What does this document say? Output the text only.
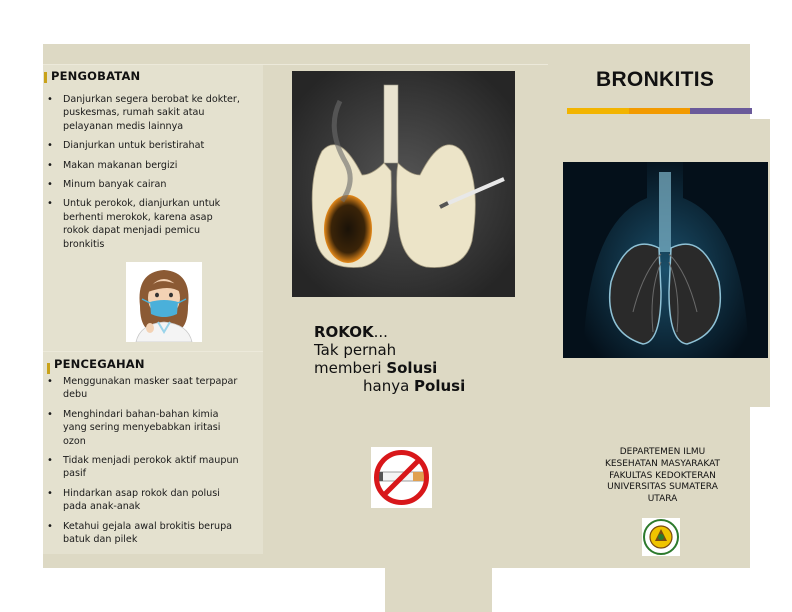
PENGOBATAN
• Danjurkan segera berobat ke dokter, puskesmas, rumah sakit atau pelayanan medis lainnya
• Dianjurkan untuk beristirahat
• Makan makanan bergizi
• Minum banyak cairan
• Untuk perokok, dianjurkan untuk berhenti merokok, karena asap rokok dapat menjadi pemicu bronkitis
PENCEGAHAN
• Menggunakan masker saat terpapar debu
• Menghindari bahan-bahan kimia yang sering menyebabkan iritasi ozon
• Tidak menjadi perokok aktif maupun pasif
• Hindarkan asap rokok dan polusi pada anak-anak
• Ketahui gejala awal brokitis berupa batuk dan pilek
ROKOK...
Tak pernah
memberi Solusi
hanya Polusi
BRONKITIS
DEPARTEMEN ILMU
KESEHATAN MASYARAKAT
FAKULTAS KEDOKTERAN
UNIVERSITAS SUMATERA
UTARA
